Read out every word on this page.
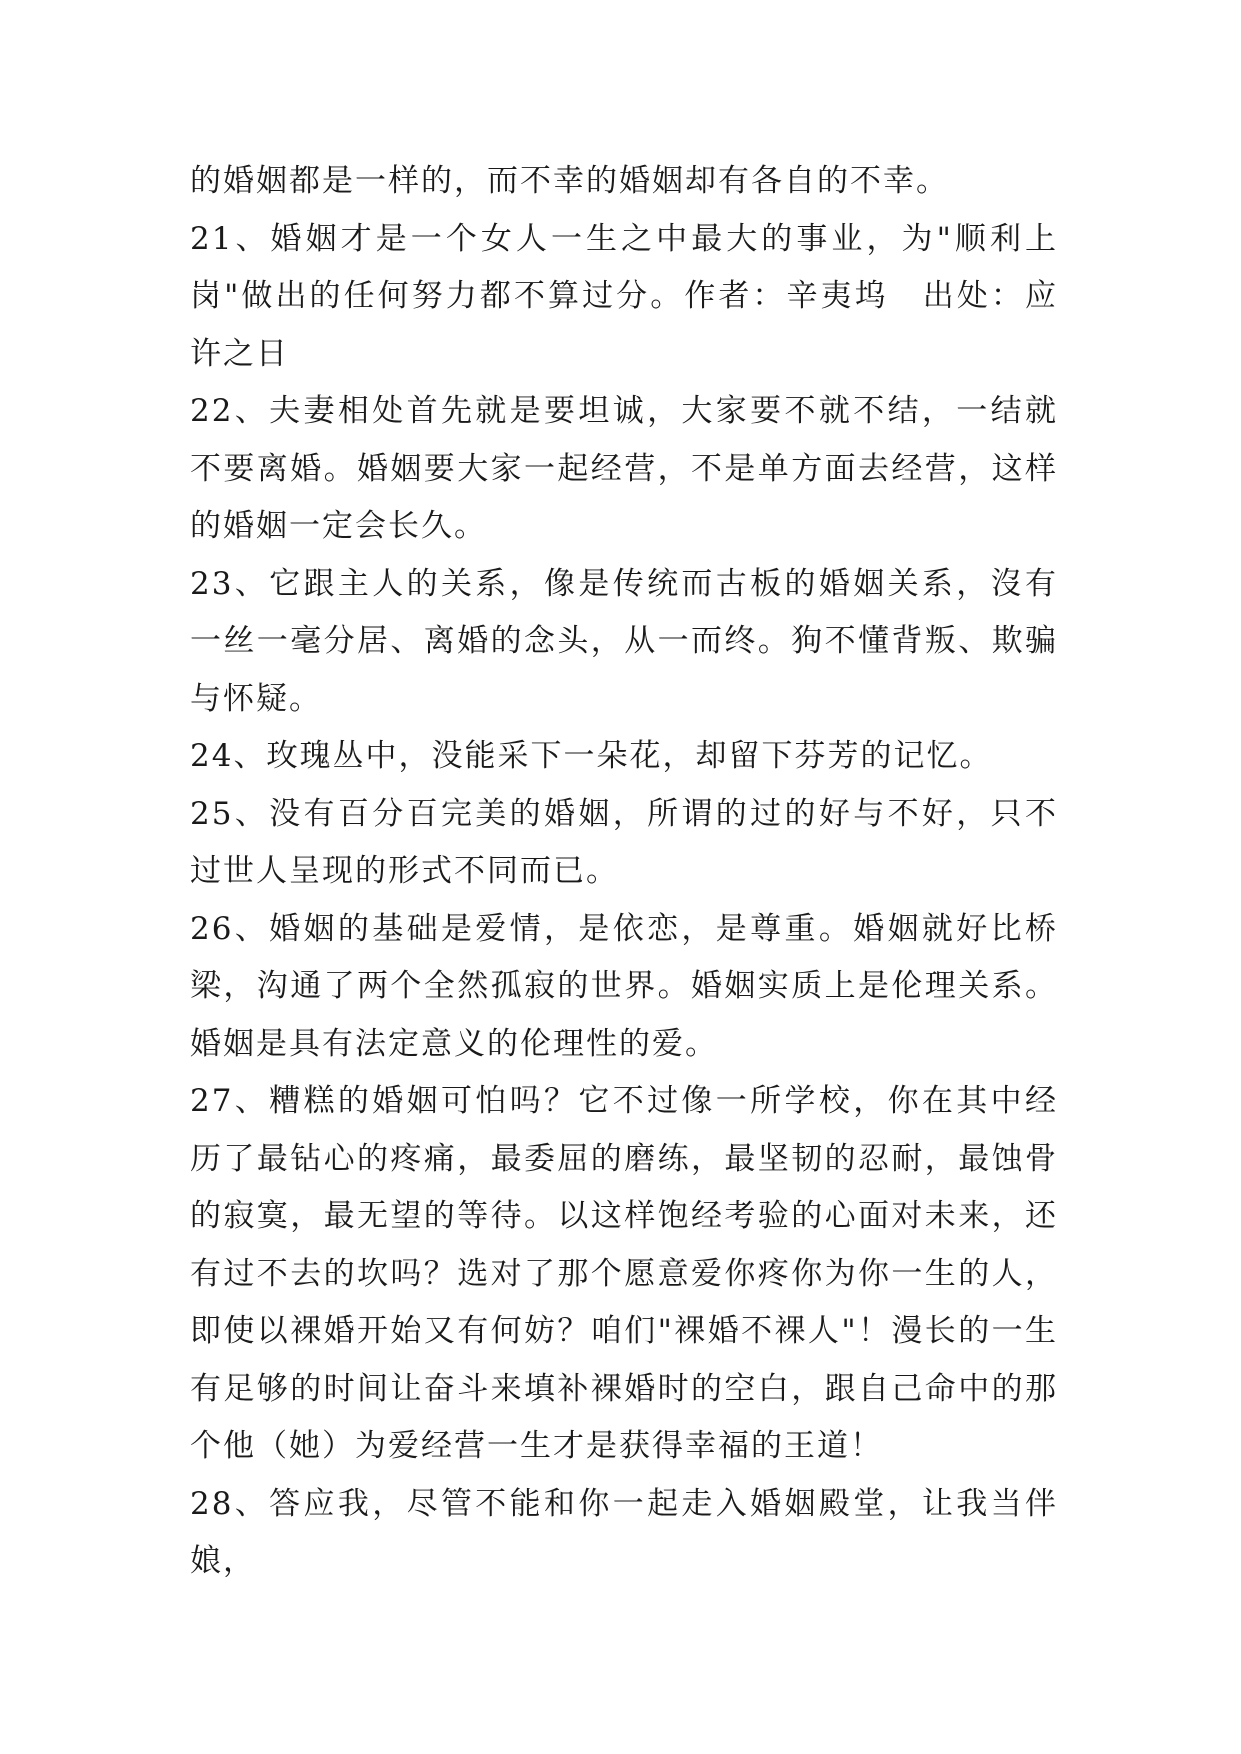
的婚姻都是一样的，而不幸的婚姻却有各自的不幸。

21、婚姻才是一个女人一生之中最大的事业，为"顺利上岗"做出的任何努力都不算过分。作者：辛夷坞　出处：应许之日

22、夫妻相处首先就是要坦诚，大家要不就不结，一结就不要离婚。婚姻要大家一起经营，不是单方面去经营，这样的婚姻一定会长久。

23、它跟主人的关系，像是传统而古板的婚姻关系，沒有一丝一毫分居、离婚的念头，从一而终。狗不懂背叛、欺骗与怀疑。

24、玫瑰丛中，没能采下一朵花，却留下芬芳的记忆。

25、没有百分百完美的婚姻，所谓的过的好与不好，只不过世人呈现的形式不同而已。

26、婚姻的基础是爱情，是依恋，是尊重。婚姻就好比桥梁，沟通了两个全然孤寂的世界。婚姻实质上是伦理关系。婚姻是具有法定意义的伦理性的爱。

27、糟糕的婚姻可怕吗？它不过像一所学校，你在其中经历了最钻心的疼痛，最委屈的磨练，最坚韧的忍耐，最蚀骨的寂寞，最无望的等待。以这样饱经考验的心面对未来，还有过不去的坎吗？选对了那个愿意爱你疼你为你一生的人，即使以裸婚开始又有何妨？咱们"裸婚不裸人"！漫长的一生有足够的时间让奋斗来填补裸婚时的空白，跟自己命中的那个他（她）为爱经营一生才是获得幸福的王道！

28、答应我，尽管不能和你一起走入婚姻殿堂，让我当伴娘，
